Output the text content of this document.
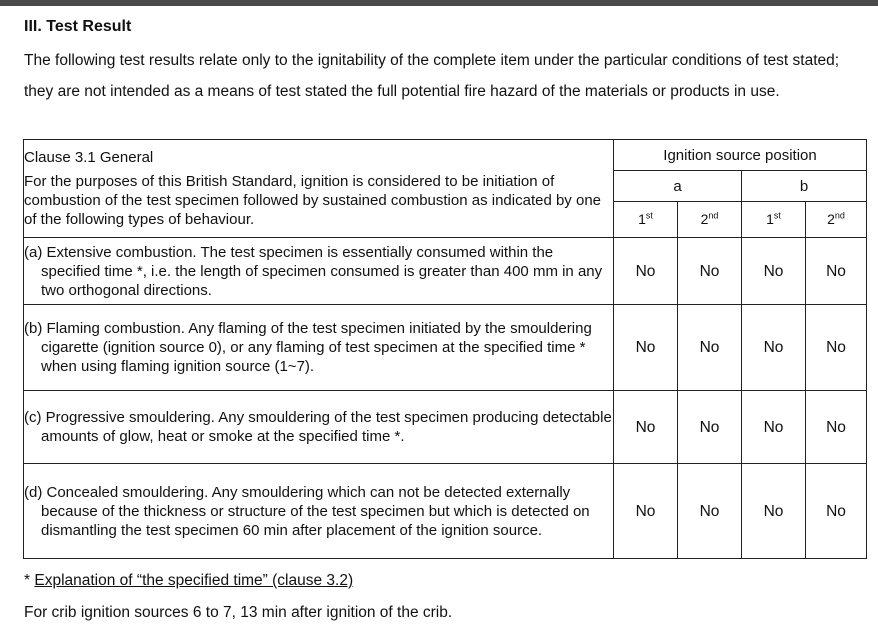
III. Test Result
The following test results relate only to the ignitability of the complete item under the particular conditions of test stated; they are not intended as a means of test stated the full potential fire hazard of the materials or products in use.
Clause 3.1 General
For the purposes of this British Standard, ignition is considered to be initiation of combustion of the test specimen followed by sustained combustion as indicated by one of the following types of behaviour.	Ignition source position			
	a		b	
	1st	2nd	1st	2nd

(a) Extensive combustion. The test specimen is essentially consumed within the specified time *, i.e. the length of specimen consumed is greater than 400 mm in any two orthogonal directions.	No	No	No	No

(b) Flaming combustion. Any flaming of the test specimen initiated by the smouldering cigarette (ignition source 0), or any flaming of test specimen at the specified time * when using flaming ignition source (1~7).	No	No	No	No

(c) Progressive smouldering. Any smouldering of the test specimen producing detectable amounts of glow, heat or smoke at the specified time *.	No	No	No	No

(d) Concealed smouldering. Any smouldering which can not be detected externally because of the thickness or structure of the test specimen but which is detected on dismantling the test specimen 60 min after placement of the ignition source.	No	No	No	No
* Explanation of “the specified time” (clause 3.2)
For crib ignition sources 6 to 7, 13 min after ignition of the crib.
